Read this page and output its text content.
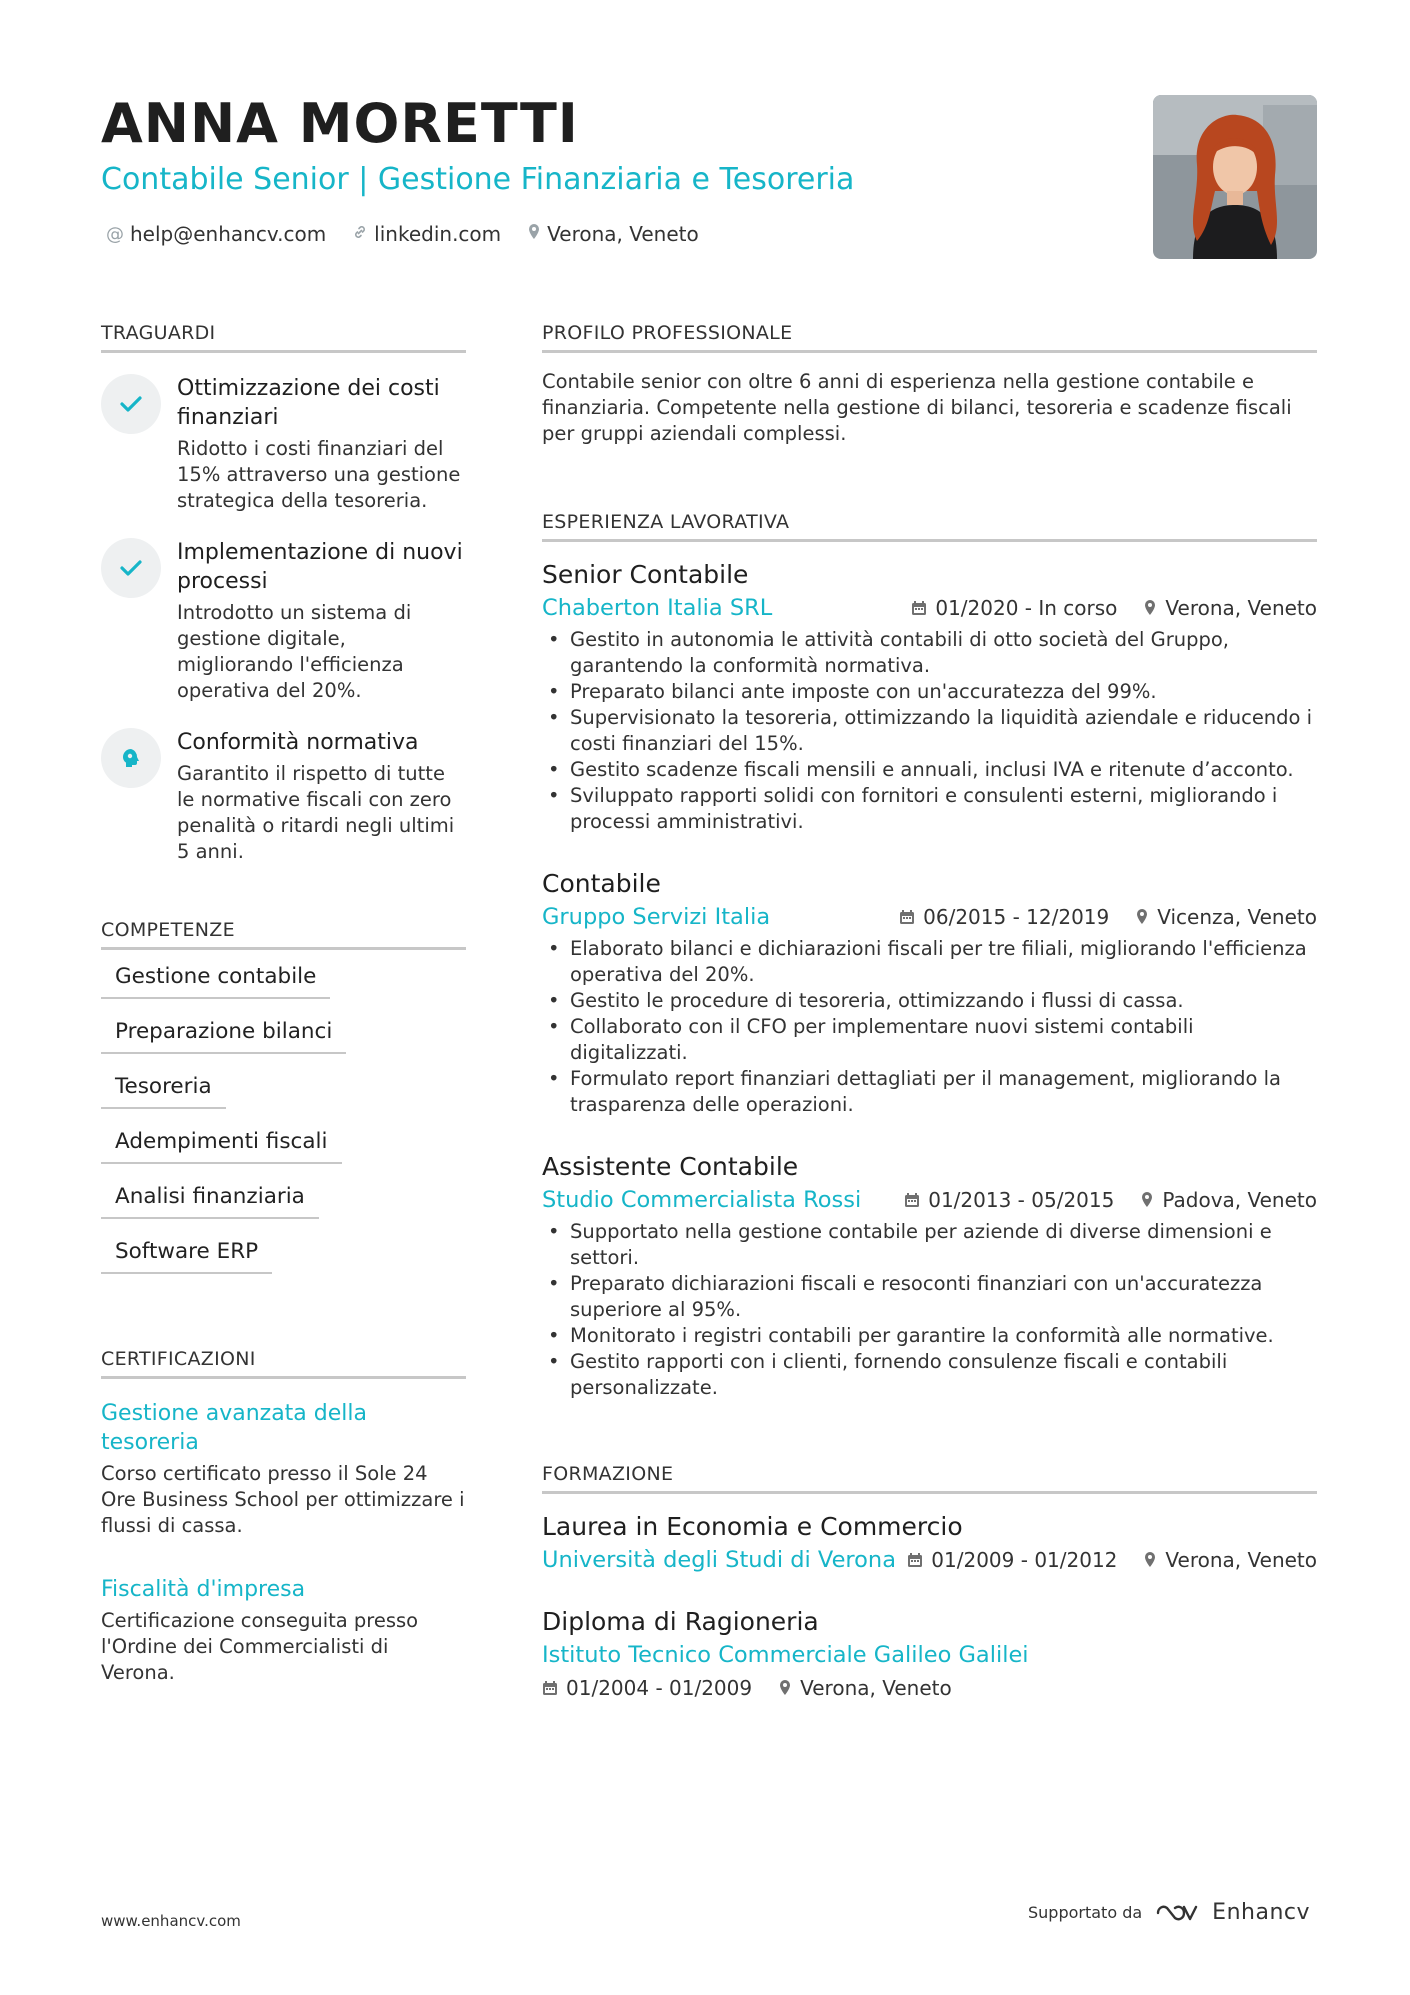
ANNA MORETTI
Contabile Senior | Gestione Finanziaria e Tesoreria
@ help@enhancv.com linkedin.com Verona, Veneto
TRAGUARDI
Ottimizzazione dei costi finanziari
Ridotto i costi finanziari del 15% attraverso una gestione strategica della tesoreria.
Implementazione di nuovi processi
Introdotto un sistema di gestione digitale, migliorando l'efficienza operativa del 20%.
Conformità normativa
Garantito il rispetto di tutte le normative fiscali con zero penalità o ritardi negli ultimi 5 anni.
COMPETENZE
Gestione contabile
Preparazione bilanci
Tesoreria
Adempimenti fiscali
Analisi finanziaria
Software ERP
CERTIFICAZIONI
Gestione avanzata della tesoreria
Corso certificato presso il Sole 24 Ore Business School per ottimizzare i flussi di cassa.
Fiscalità d'impresa
Certificazione conseguita presso l'Ordine dei Commercialisti di Verona.
PROFILO PROFESSIONALE
Contabile senior con oltre 6 anni di esperienza nella gestione contabile e finanziaria. Competente nella gestione di bilanci, tesoreria e scadenze fiscali per gruppi aziendali complessi.
ESPERIENZA LAVORATIVA
Senior Contabile
Chaberton Italia SRL	01/2020 - In corso Verona, Veneto
• Gestito in autonomia le attività contabili di otto società del Gruppo, garantendo la conformità normativa.
• Preparato bilanci ante imposte con un'accuratezza del 99%.
• Supervisionato la tesoreria, ottimizzando la liquidità aziendale e riducendo i costi finanziari del 15%.
• Gestito scadenze fiscali mensili e annuali, inclusi IVA e ritenute d’acconto.
• Sviluppato rapporti solidi con fornitori e consulenti esterni, migliorando i processi amministrativi.
Contabile
Gruppo Servizi Italia	06/2015 - 12/2019 Vicenza, Veneto
• Elaborato bilanci e dichiarazioni fiscali per tre filiali, migliorando l'efficienza operativa del 20%.
• Gestito le procedure di tesoreria, ottimizzando i flussi di cassa.
• Collaborato con il CFO per implementare nuovi sistemi contabili digitalizzati.
• Formulato report finanziari dettagliati per il management, migliorando la trasparenza delle operazioni.
Assistente Contabile
Studio Commercialista Rossi	01/2013 - 05/2015 Padova, Veneto
• Supportato nella gestione contabile per aziende di diverse dimensioni e settori.
• Preparato dichiarazioni fiscali e resoconti finanziari con un'accuratezza superiore al 95%.
• Monitorato i registri contabili per garantire la conformità alle normative.
• Gestito rapporti con i clienti, fornendo consulenze fiscali e contabili personalizzate.
FORMAZIONE
Laurea in Economia e Commercio
Università degli Studi di Verona 01/2009 - 01/2012 Verona, Veneto
Diploma di Ragioneria
Istituto Tecnico Commerciale Galileo Galilei
01/2004 - 01/2009 Verona, Veneto
www.enhancv.com	Supportato da	Enhancv
